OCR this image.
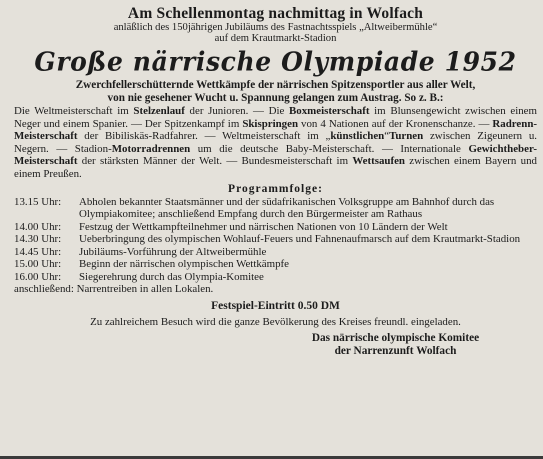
Am Schellenmontag nachmittag in Wolfach
anläßlich des 150jährigen Jubiläums des Fastnachtsspiels „Altweibermühle“
auf dem Krautmarkt-Stadion
Große närrische Olympiade 1952
Zwerchfellerschütternde Wettkämpfe der närrischen Spitzensportler aus aller Welt,
von nie gesehener Wucht u. Spannung gelangen zum Austrag. So z. B.:
Die Weltmeisterschaft im Stelzenlauf der Junioren. — Die Boxmeisterschaft im Blunsengewicht zwischen einem Neger und einem Spanier. — Der Spitzenkampf im Skispringen von 4 Nationen auf der Kronenschanze. — Radrenn-Meisterschaft der Bibiliskäs-Radfahrer. — Weltmeisterschaft im „künstlichen“Turnen zwischen Zigeunern u. Negern. — Stadion-Motorradrennen um die deutsche Baby-Meisterschaft. — Internationale Gewichtheber-Meisterschaft der stärksten Männer der Welt. — Bundesmeisterschaft im Wettsaufen zwischen einem Bayern und einem Preußen.
Programmfolge:
13.15 Uhr:	Abholen bekannter Staatsmänner und der südafrikanischen Volksgruppe am Bahnhof durch das Olympiakomitee; anschließend Empfang durch den Bürgermeister am Rathaus
14.00 Uhr:	Festzug der Wettkampfteilnehmer und närrischen Nationen von 10 Ländern der Welt
14.30 Uhr:	Ueberbringung des olympischen Wohlauf-Feuers und Fahnenaufmarsch auf dem Krautmarkt-Stadion
14.45 Uhr:	Jubiläums-Vorführung der Altweibermühle
15.00 Uhr:	Beginn der närrischen olympischen Wettkämpfe
16.00 Uhr:	Siegerehrung durch das Olympia-Komitee
anschließend: Narrentreiben in allen Lokalen.
Festspiel-Eintritt 0.50 DM
Zu zahlreichem Besuch wird die ganze Bevölkerung des Kreises freundl. eingeladen.
Das närrische olympische Komitee
der Narrenzunft Wolfach
